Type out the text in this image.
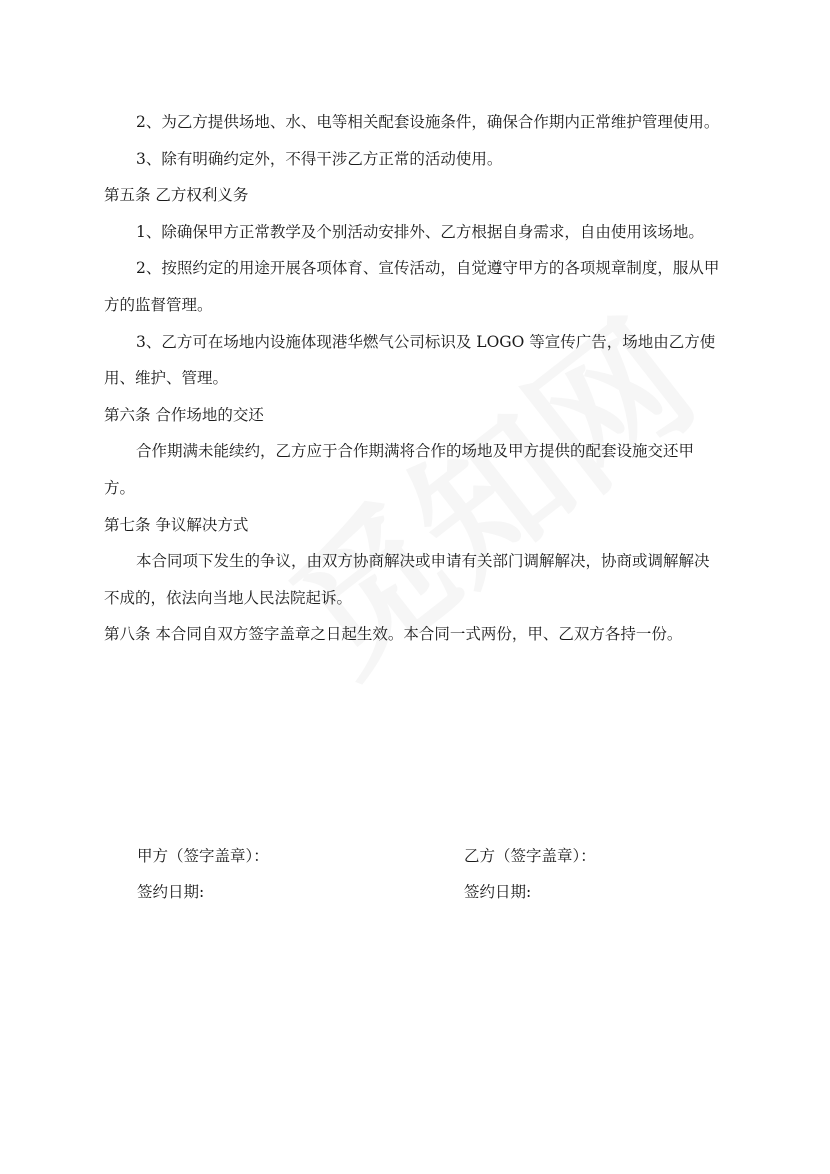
2、为乙方提供场地、水、电等相关配套设施条件，确保合作期内正常维护管理使用。

3、除有明确约定外，不得干涉乙方正常的活动使用。

第五条 乙方权利义务

1、除确保甲方正常教学及个别活动安排外、乙方根据自身需求，自由使用该场地。

2、按照约定的用途开展各项体育、宣传活动，自觉遵守甲方的各项规章制度，服从甲方的监督管理。

3、乙方可在场地内设施体现港华燃气公司标识及 LOGO 等宣传广告，场地由乙方使用、维护、管理。

第六条 合作场地的交还

合作期满未能续约，乙方应于合作期满将合作的场地及甲方提供的配套设施交还甲方。

第七条 争议解决方式

本合同项下发生的争议，由双方协商解决或申请有关部门调解解决，协商或调解解决不成的，依法向当地人民法院起诉。

第八条 本合同自双方签字盖章之日起生效。本合同一式两份，甲、乙双方各持一份。

甲方（签字盖章）：
签约日期:
乙方（签字盖章）：
签约日期:
